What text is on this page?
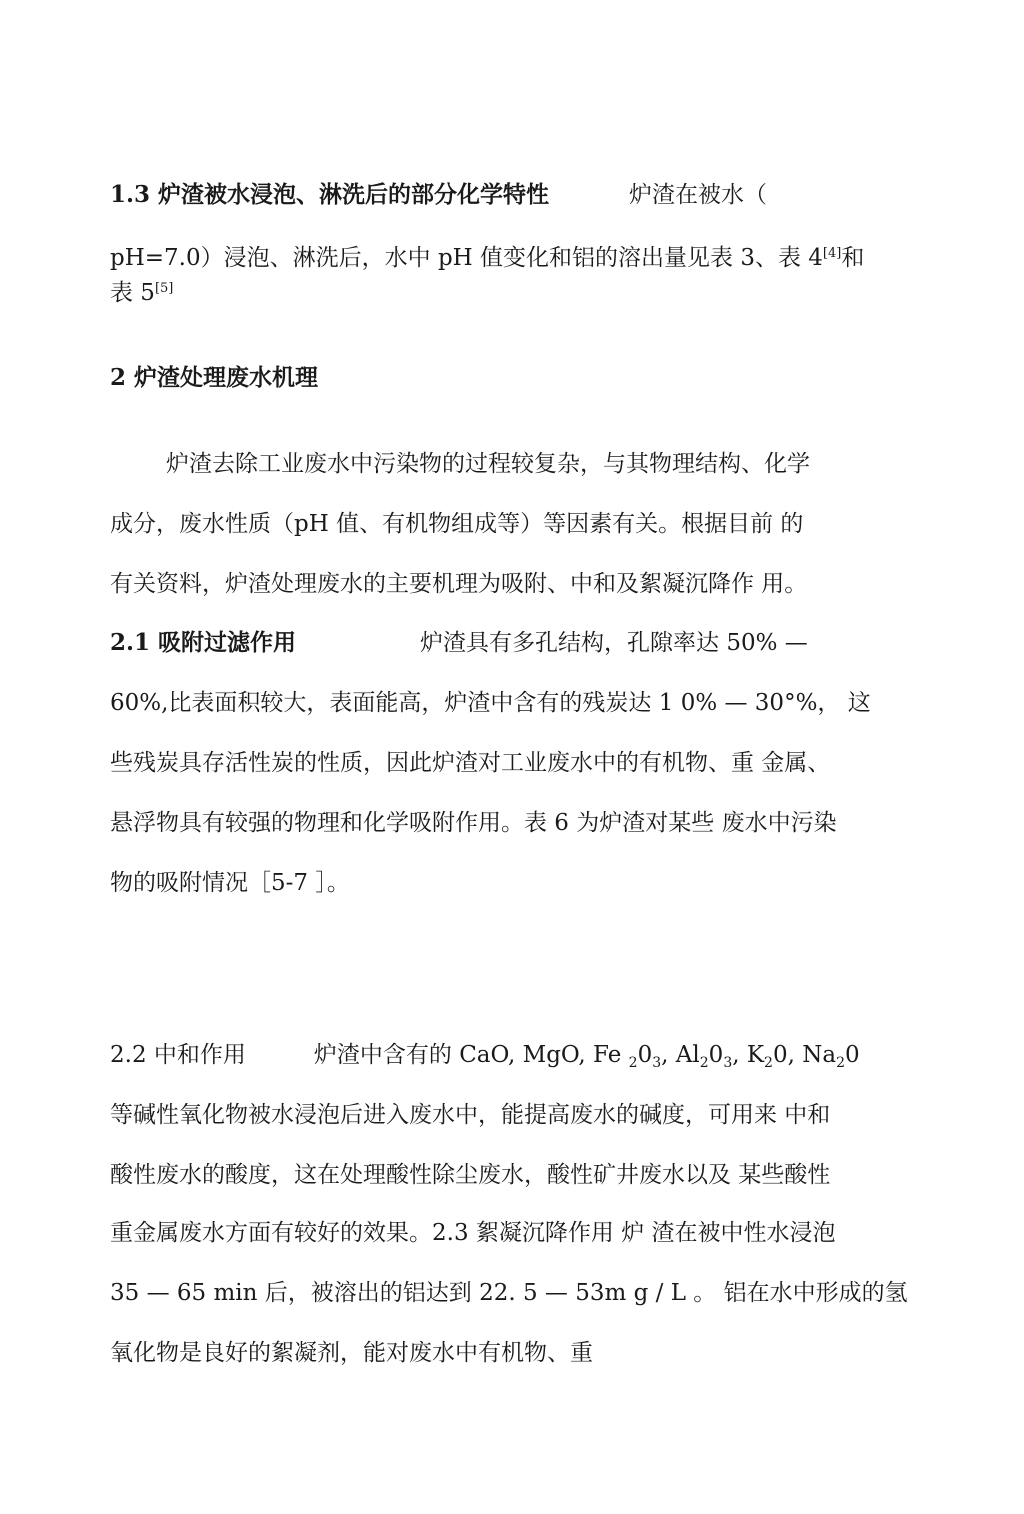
1.3 炉渣被水浸泡、淋洗后的部分化学特性	炉渣在被水（
pH=7.0）浸泡、淋洗后，水中 pH 值变化和铝的溶出量见表 3、表 4[4]和
表 5[5]
2 炉渣处理废水机理
炉渣去除工业废水中污染物的过程较复杂，与其物理结构、化学
成分，废水性质（pH 值、有机物组成等）等因素有关。根据目前 的
有关资料，炉渣处理废水的主要机理为吸附、中和及絮凝沉降作 用。
2.1 吸附过滤作用	炉渣具有多孔结构，孔隙率达 50% —
60%,比表面积较大，表面能高，炉渣中含有的残炭达 1 0% — 30°%， 这
些残炭具存活性炭的性质，因此炉渣对工业废水中的有机物、重 金属、
悬浮物具有较强的物理和化学吸附作用。表 6 为炉渣对某些 废水中污染
物的吸附情况［5-7 ］。
2.2 中和作用	炉渣中含有的 CaO, MgO, Fe $_20_3$, $Al_20_3$, $K_20$, $Na_20$
等碱性氧化物被水浸泡后进入废水中，能提高废水的碱度，可用来 中和
酸性废水的酸度，这在处理酸性除尘废水，酸性矿井废水以及 某些酸性
重金属废水方面有较好的效果。2.3 絮凝沉降作用 炉 渣在被中性水浸泡
35 — 65 min 后，被溶出的铝达到 22. 5 — 53m g / L 。 铝在水中形成的氢
氧化物是良好的絮凝剂，能对废水中有机物、重
